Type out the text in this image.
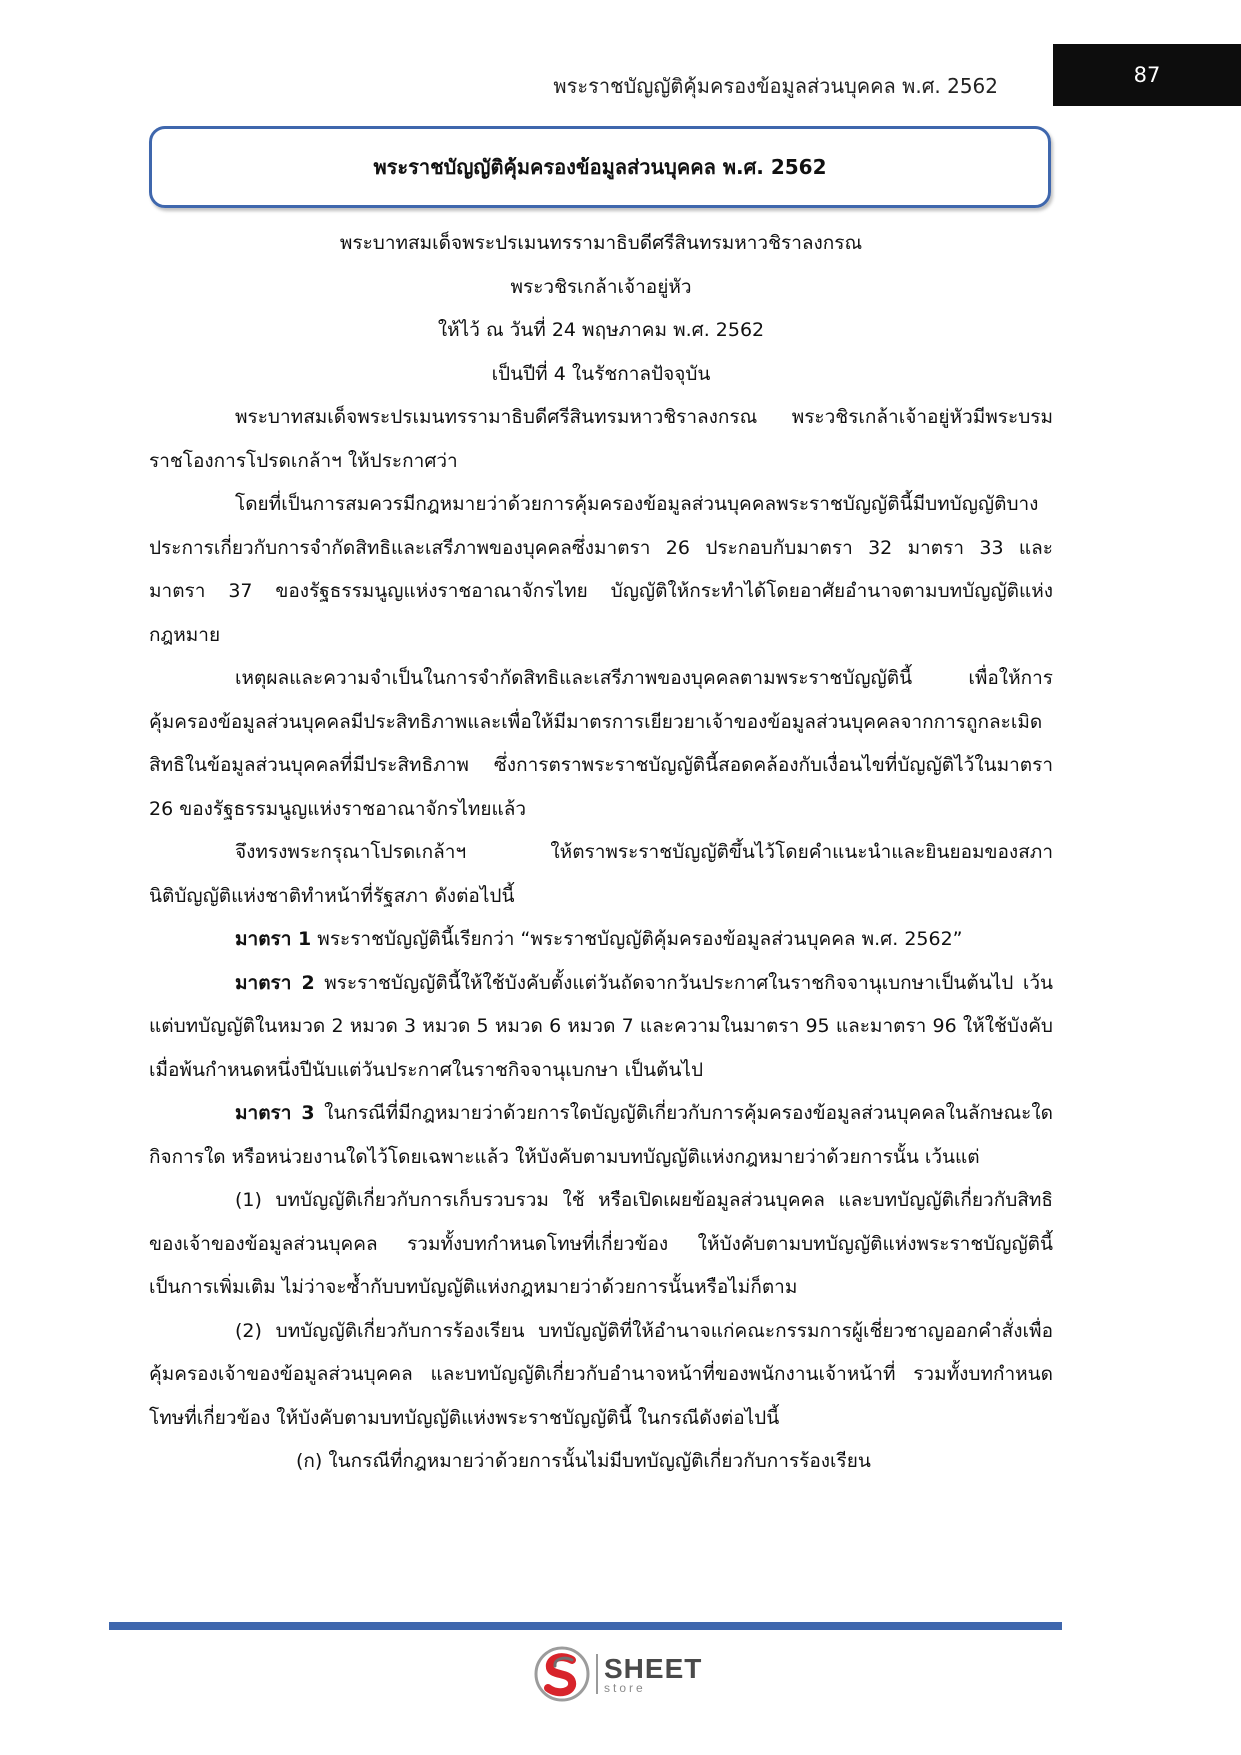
พระราชบัญญัติคุ้มครองข้อมูลส่วนบุคคล พ.ศ. 2562	87
พระราชบัญญัติคุ้มครองข้อมูลส่วนบุคคล พ.ศ. 2562
พระบาทสมเด็จพระปรเมนทรรามาธิบดีศรีสินทรมหาวชิราลงกรณ
พระวชิรเกล้าเจ้าอยู่หัว
ให้ไว้ ณ วันที่ 24 พฤษภาคม พ.ศ. 2562
เป็นปีที่ 4 ในรัชกาลปัจจุบัน

พระบาทสมเด็จพระปรเมนทรรามาธิบดีศรีสินทรมหาวชิราลงกรณ พระวชิรเกล้าเจ้าอยู่หัวมีพระบรมราชโองการโปรดเกล้าฯ ให้ประกาศว่า

โดยที่เป็นการสมควรมีกฎหมายว่าด้วยการคุ้มครองข้อมูลส่วนบุคคลพระราชบัญญัตินี้มีบทบัญญัติบางประการเกี่ยวกับการจำกัดสิทธิและเสรีภาพของบุคคลซึ่งมาตรา 26 ประกอบกับมาตรา 32 มาตรา 33 และมาตรา 37 ของรัฐธรรมนูญแห่งราชอาณาจักรไทย บัญญัติให้กระทำได้โดยอาศัยอำนาจตามบทบัญญัติแห่งกฎหมาย

เหตุผลและความจำเป็นในการจำกัดสิทธิและเสรีภาพของบุคคลตามพระราชบัญญัตินี้ เพื่อให้การคุ้มครองข้อมูลส่วนบุคคลมีประสิทธิภาพและเพื่อให้มีมาตรการเยียวยาเจ้าของข้อมูลส่วนบุคคลจากการถูกละเมิดสิทธิในข้อมูลส่วนบุคคลที่มีประสิทธิภาพ ซึ่งการตราพระราชบัญญัตินี้สอดคล้องกับเงื่อนไขที่บัญญัติไว้ในมาตรา 26 ของรัฐธรรมนูญแห่งราชอาณาจักรไทยแล้ว

จึงทรงพระกรุณาโปรดเกล้าฯ ให้ตราพระราชบัญญัติขึ้นไว้โดยคำแนะนำและยินยอมของสภานิติบัญญัติแห่งชาติทำหน้าที่รัฐสภา ดังต่อไปนี้

มาตรา 1 พระราชบัญญัตินี้เรียกว่า “พระราชบัญญัติคุ้มครองข้อมูลส่วนบุคคล พ.ศ. 2562”

มาตรา 2 พระราชบัญญัตินี้ให้ใช้บังคับตั้งแต่วันถัดจากวันประกาศในราชกิจจานุเบกษาเป็นต้นไป เว้นแต่บทบัญญัติในหมวด 2 หมวด 3 หมวด 5 หมวด 6 หมวด 7 และความในมาตรา 95 และมาตรา 96 ให้ใช้บังคับเมื่อพ้นกำหนดหนึ่งปีนับแต่วันประกาศในราชกิจจานุเบกษา เป็นต้นไป

มาตรา 3 ในกรณีที่มีกฎหมายว่าด้วยการใดบัญญัติเกี่ยวกับการคุ้มครองข้อมูลส่วนบุคคลในลักษณะใด กิจการใด หรือหน่วยงานใดไว้โดยเฉพาะแล้ว ให้บังคับตามบทบัญญัติแห่งกฎหมายว่าด้วยการนั้น เว้นแต่

(1) บทบัญญัติเกี่ยวกับการเก็บรวบรวม ใช้ หรือเปิดเผยข้อมูลส่วนบุคคล และบทบัญญัติเกี่ยวกับสิทธิของเจ้าของข้อมูลส่วนบุคคล รวมทั้งบทกำหนดโทษที่เกี่ยวข้อง ให้บังคับตามบทบัญญัติแห่งพระราชบัญญัตินี้เป็นการเพิ่มเติม ไม่ว่าจะซ้ำกับบทบัญญัติแห่งกฎหมายว่าด้วยการนั้นหรือไม่ก็ตาม

(2) บทบัญญัติเกี่ยวกับการร้องเรียน บทบัญญัติที่ให้อำนาจแก่คณะกรรมการผู้เชี่ยวชาญออกคำสั่งเพื่อคุ้มครองเจ้าของข้อมูลส่วนบุคคล และบทบัญญัติเกี่ยวกับอำนาจหน้าที่ของพนักงานเจ้าหน้าที่ รวมทั้งบทกำหนดโทษที่เกี่ยวข้อง ให้บังคับตามบทบัญญัติแห่งพระราชบัญญัตินี้ ในกรณีดังต่อไปนี้

(ก) ในกรณีที่กฎหมายว่าด้วยการนั้นไม่มีบทบัญญัติเกี่ยวกับการร้องเรียน

SHEET
store
